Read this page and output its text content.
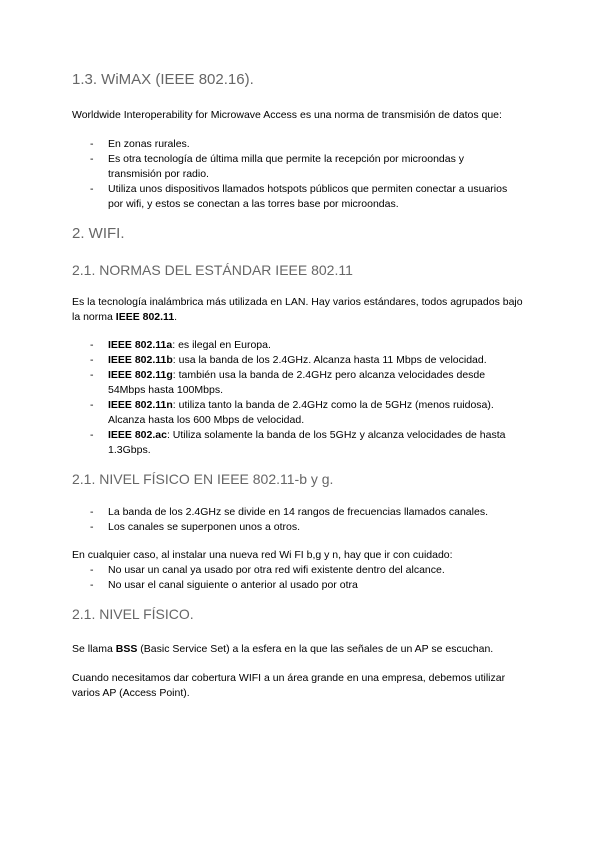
1.3. WiMAX (IEEE 802.16).

Worldwide Interoperability for Microwave Access es una norma de transmisión de datos que:

- En zonas rurales.
- Es otra tecnología de última milla que permite la recepción por microondas y transmisión por radio.
- Utiliza unos dispositivos llamados hotspots públicos que permiten conectar a usuarios por wifi, y estos se conectan a las torres base por microondas.
2. WIFI.
2.1. NORMAS DEL ESTÁNDAR IEEE 802.11

Es la tecnología inalámbrica más utilizada en LAN. Hay varios estándares, todos agrupados bajo la norma IEEE 802.11.

- IEEE 802.11a: es ilegal en Europa.
- IEEE 802.11b: usa la banda de los 2.4GHz. Alcanza hasta 11 Mbps de velocidad.
- IEEE 802.11g: también usa la banda de 2.4GHz pero alcanza velocidades desde 54Mbps hasta 100Mbps.
- IEEE 802.11n: utiliza tanto la banda de 2.4GHz como la de 5GHz (menos ruidosa). Alcanza hasta los 600 Mbps de velocidad.
- IEEE 802.ac: Utiliza solamente la banda de los 5GHz y alcanza velocidades de hasta 1.3Gbps.
2.1. NIVEL FÍSICO EN IEEE 802.11-b y g.
- La banda de los 2.4GHz se divide en 14 rangos de frecuencias llamados canales.
- Los canales se superponen unos a otros.

En cualquier caso, al instalar una nueva red Wi FI b,g y n, hay que ir con cuidado:

- No usar un canal ya usado por otra red wifi existente dentro del alcance.
- No usar el canal siguiente o anterior al usado por otra
2.1. NIVEL FÍSICO.

Se llama BSS (Basic Service Set) a la esfera en la que las señales de un AP se escuchan.

Cuando necesitamos dar cobertura WIFI a un área grande en una empresa, debemos utilizar varios AP (Access Point).
